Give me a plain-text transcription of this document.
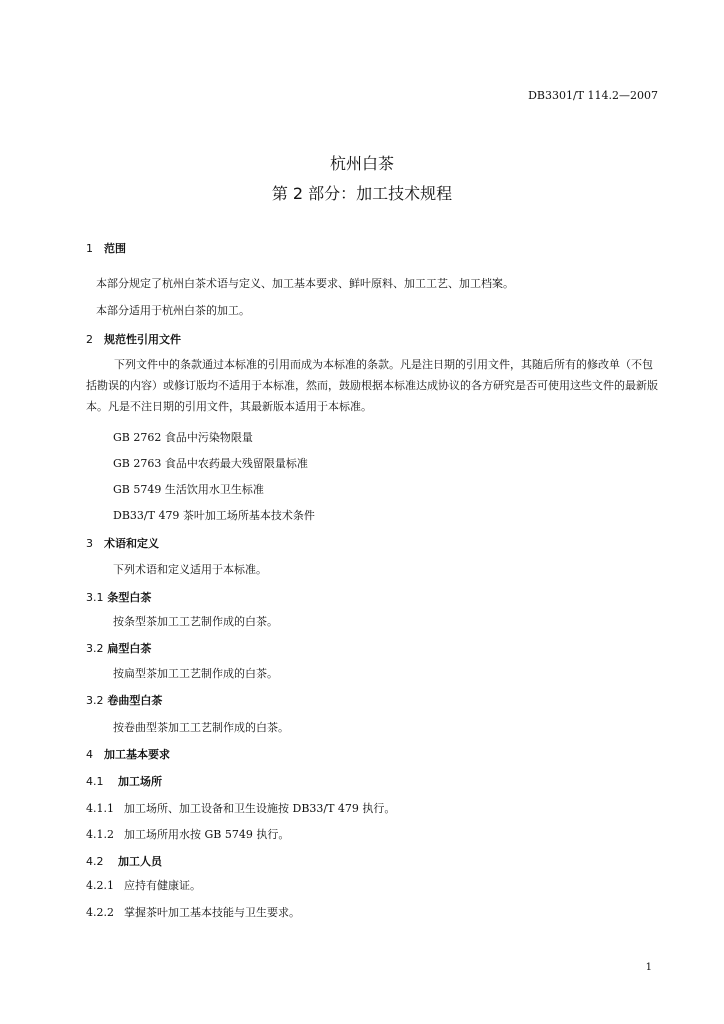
DB3301/T 114.2—2007
杭州白茶
第 2 部分：加工技术规程
1 范围
本部分规定了杭州白茶术语与定义、加工基本要求、鲜叶原料、加工工艺、加工档案。
本部分适用于杭州白茶的加工。
2 规范性引用文件
下列文件中的条款通过本标准的引用而成为本标准的条款。凡是注日期的引用文件，其随后所有的修改单（不包括勘误的内容）或修订版均不适用于本标准，然而，鼓励根据本标准达成协议的各方研究是否可使用这些文件的最新版本。凡是不注日期的引用文件，其最新版本适用于本标准。
GB 2762 食品中污染物限量
GB 2763 食品中农药最大残留限量标准
GB 5749 生活饮用水卫生标准
DB33/T 479 茶叶加工场所基本技术条件
3 术语和定义
下列术语和定义适用于本标准。
3.1 条型白茶
按条型茶加工工艺制作成的白茶。
3.2 扁型白茶
按扁型茶加工工艺制作成的白茶。
3.2 卷曲型白茶
按卷曲型茶加工工艺制作成的白茶。
4 加工基本要求
4.1 加工场所
4.1.1 加工场所、加工设备和卫生设施按 DB33/T 479 执行。
4.1.2 加工场所用水按 GB 5749 执行。
4.2 加工人员
4.2.1 应持有健康证。
4.2.2 掌握茶叶加工基本技能与卫生要求。
1
